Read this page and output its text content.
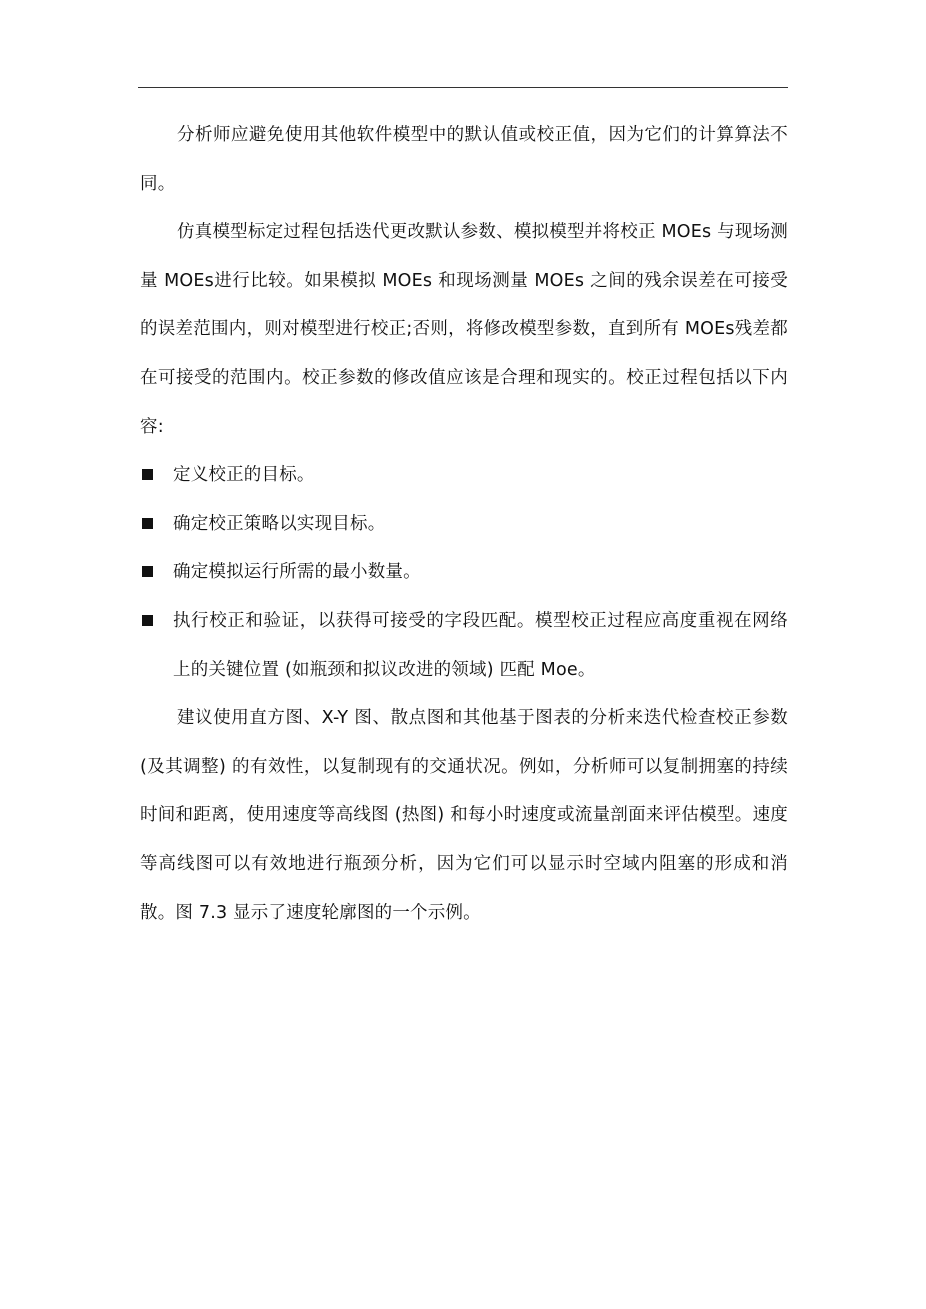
分析师应避免使用其他软件模型中的默认值或校正值，因为它们的计算算法不同。

仿真模型标定过程包括迭代更改默认参数、模拟模型并将校正 MOEs 与现场测量 MOEs进行比较。如果模拟 MOEs 和现场测量 MOEs 之间的残余误差在可接受的误差范围内，则对模型进行校正;否则，将修改模型参数，直到所有 MOEs残差都在可接受的范围内。校正参数的修改值应该是合理和现实的。校正过程包括以下内容:

定义校正的目标。
确定校正策略以实现目标。
确定模拟运行所需的最小数量。
执行校正和验证，以获得可接受的字段匹配。模型校正过程应高度重视在网络上的关键位置 (如瓶颈和拟议改进的领域) 匹配 Moe。

建议使用直方图、X-Y 图、散点图和其他基于图表的分析来迭代检查校正参数 (及其调整) 的有效性，以复制现有的交通状况。例如，分析师可以复制拥塞的持续时间和距离，使用速度等高线图 (热图) 和每小时速度或流量剖面来评估模型。速度等高线图可以有效地进行瓶颈分析，因为它们可以显示时空域内阻塞的形成和消散。图 7.3 显示了速度轮廓图的一个示例。
